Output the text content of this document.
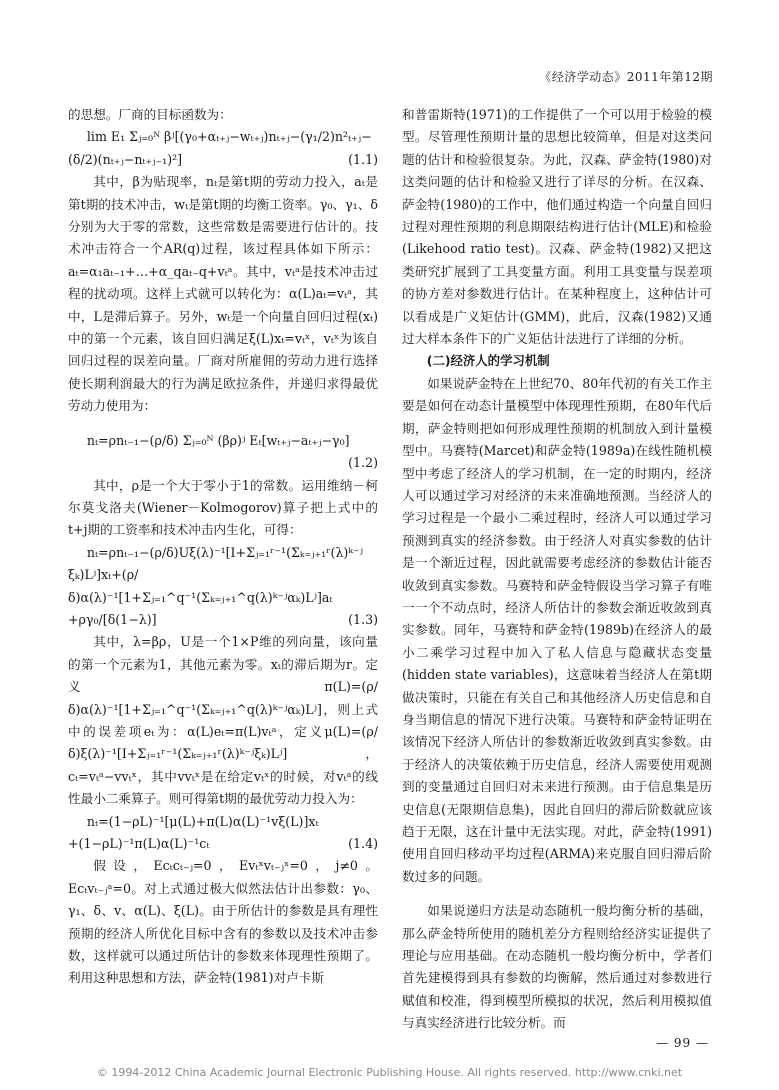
《经济学动态》2011年第12期

的思想。厂商的目标函数为：

lim E₁ Σⱼ₌₀ᴺ βʲ[(γ₀+αₜ₊ⱼ−wₜ₊ⱼ)nₜ₊ⱼ−(γ₁/2)n²ₜ₊ⱼ−

(δ/2)(nₜ₊ⱼ−nₜ₊ⱼ₋₁)²]	(1.1)

其中，β为贴现率，nₜ是第t期的劳动力投入，aₜ是第t期的技术冲击，wₜ是第t期的均衡工资率。γ₀、γ₁、δ分别为大于零的常数，这些常数是需要进行估计的。技术冲击符合一个AR(q)过程，该过程具体如下所示：aₜ=α₁aₜ₋₁+…+α_qaₜ₋q+vₜᵃ。其中，vₜᵃ是技术冲击过程的扰动项。这样上式就可以转化为：α(L)aₜ=vₜᵃ，其中，L是滞后算子。另外，wₜ是一个向量自回归过程(xₜ)中的第一个元素，该自回归满足ξ(L)xₜ=vₜˣ，vₜˣ为该自回归过程的误差向量。厂商对所雇佣的劳动力进行选择使长期利润最大的行为满足欧拉条件，并递归求得最优劳动力使用为：

nₜ=ρnₜ₋₁−(ρ/δ) Σⱼ₌₀ᴺ (βρ)ʲ Eₜ[wₜ₊ⱼ−aₜ₊ⱼ−γ₀]

(1.2)

其中，ρ是一个大于零小于1的常数。运用维纳－柯尔莫戈洛夫(Wiener－Kolmogorov)算子把上式中的t+j期的工资率和技术冲击内生化，可得：

nₜ=ρnₜ₋₁−(ρ/δ)Uξ(λ)⁻¹[I+Σⱼ₌₁ʳ⁻¹(Σₖ₌ⱼ₊₁ʳ(λ)ᵏ⁻ʲ

ξₖ)Lʲ]xₜ+(ρ/δ)α(λ)⁻¹[1+Σⱼ₌₁^q⁻¹(Σₖ₌ⱼ₊₁^q(λ)ᵏ⁻ʲαₖ)Lʲ]aₜ

+ργ₀/[δ(1−λ)]	(1.3)

其中，λ=βρ，U是一个1×P维的列向量，该向量的第一个元素为1，其他元素为零。xₜ的滞后期为r。定义π(L)=(ρ/δ)α(λ)⁻¹[1+Σⱼ₌₁^q⁻¹(Σₖ₌ⱼ₊₁^q(λ)ᵏ⁻ʲαₖ)Lʲ]，则上式中的误差项eₜ为：α(L)eₜ=π(L)vₜᵃ，定义μ(L)=(ρ/δ)ξ(λ)⁻¹[I+Σⱼ₌₁ʳ⁻¹(Σₖ₌ⱼ₊₁ʳ(λ)ᵏ⁻ʲξₖ)Lʲ]，cₜ=vₜᵃ−vvₜˣ，其中vvₜˣ是在给定vₜˣ的时候，对vₜᵃ的线性最小二乘算子。则可得第t期的最优劳动力投入为：

nₜ=(1−ρL)⁻¹[μ(L)+π(L)α(L)⁻¹vξ(L)]xₜ

+(1−ρL)⁻¹π(L)α(L)⁻¹cₜ	(1.4)

假设，Ecₜcₜ₋ⱼ=0，Evₜˣvₜ₋ⱼˣ=0，j≠0。Ecₜvₜ₋ⱼᵃ=0。对上式通过极大似然法估计出参数：γ₀、γ₁、δ、v、α(L)、ξ(L)。由于所估计的参数是具有理性预期的经济人所优化目标中含有的参数以及技术冲击参数，这样就可以通过所估计的参数来体现理性预期了。利用这种思想和方法，萨金特(1981)对卢卡斯

和普雷斯特(1971)的工作提供了一个可以用于检验的模型。尽管理性预期计量的思想比较简单，但是对这类问题的估计和检验很复杂。为此，汉森、萨金特(1980)对这类问题的估计和检验又进行了详尽的分析。在汉森、萨金特(1980)的工作中，他们通过构造一个向量自回归过程对理性预期的利息期限结构进行估计(MLE)和检验(Likehood ratio test)。汉森、萨金特(1982)又把这类研究扩展到了工具变量方面。利用工具变量与误差项的协方差对参数进行估计。在某种程度上，这种估计可以看成是广义矩估计(GMM)，此后，汉森(1982)又通过大样本条件下的广义矩估计法进行了详细的分析。

(二)经济人的学习机制

如果说萨金特在上世纪70、80年代初的有关工作主要是如何在动态计量模型中体现理性预期，在80年代后期，萨金特则把如何形成理性预期的机制放入到计量模型中。马赛特(Marcet)和萨金特(1989a)在线性随机模型中考虑了经济人的学习机制，在一定的时期内，经济人可以通过学习对经济的未来准确地预测。当经济人的学习过程是一个最小二乘过程时，经济人可以通过学习预测到真实的经济参数。由于经济人对真实参数的估计是一个渐近过程，因此就需要考虑经济的参数估计能否收敛到真实参数。马赛特和萨金特假设当学习算子有唯一一个不动点时，经济人所估计的参数会渐近收敛到真实参数。同年，马赛特和萨金特(1989b)在经济人的最小二乘学习过程中加入了私人信息与隐藏状态变量(hidden state variables)，这意味着当经济人在第t期做决策时，只能在有关自己和其他经济人历史信息和自身当期信息的情况下进行决策。马赛特和萨金特证明在该情况下经济人所估计的参数渐近收敛到真实参数。由于经济人的决策依赖于历史信息，经济人需要使用观测到的变量通过自回归对未来进行预测。由于信息集是历史信息(无限期信息集)，因此自回归的滞后阶数就应该趋于无限，这在计量中无法实现。对此，萨金特(1991)使用自回归移动平均过程(ARMA)来克服自回归滞后阶数过多的问题。

如果说递归方法是动态随机一般均衡分析的基础，那么萨金特所使用的随机差分方程则给经济实证提供了理论与应用基础。在动态随机一般均衡分析中，学者们首先建模得到具有参数的均衡解，然后通过对参数进行赋值和校准，得到模型所模拟的状况，然后利用模拟值与真实经济进行比较分析。而

— 99 —
© 1994-2012 China Academic Journal Electronic Publishing House. All rights reserved. http://www.cnki.net
